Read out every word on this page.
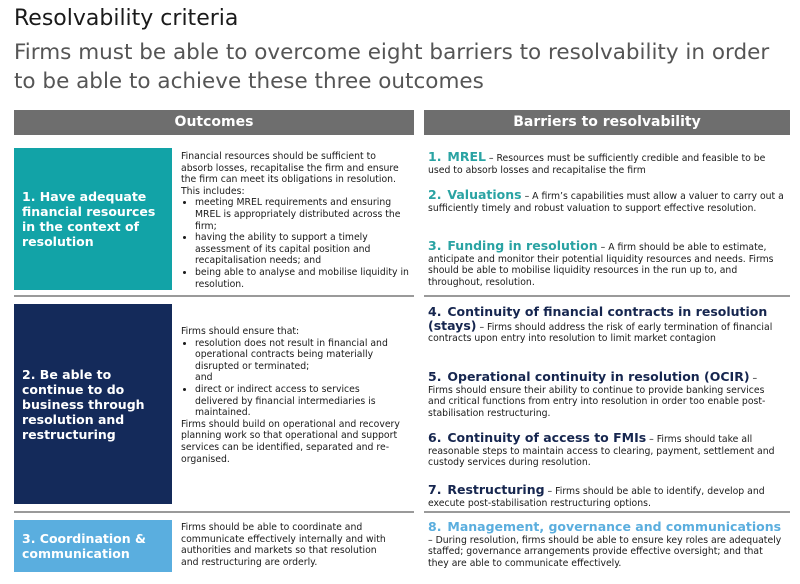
Resolvability criteria
Firms must be able to overcome eight barriers to resolvability in order to be able to achieve these three outcomes
Outcomes	Barriers to resolvability
1. Have adequate financial resources in the context of resolution

Financial resources should be sufficient to absorb losses, recapitalise the firm and ensure the firm can meet its obligations in resolution. This includes:

• meeting MREL requirements and ensuring MREL is appropriately distributed across the firm;
• having the ability to support a timely assessment of its capital position and recapitalisation needs; and
• being able to analyse and mobilise liquidity in resolution.
2. Be able to continue to do business through resolution and restructuring

Firms should ensure that:

• resolution does not result in financial and operational contracts being materially disrupted or terminated;
and
• direct or indirect access to services delivered by financial intermediaries is maintained.

Firms should build on operational and recovery planning work so that operational and support services can be identified, separated and re-organised.

3. Coordination & communication

Firms should be able to coordinate and communicate effectively internally and with authorities and markets so that resolution and restructuring are orderly.

1. MREL – Resources must be sufficiently credible and feasible to be used to absorb losses and recapitalise the firm
2. Valuations – A firm’s capabilities must allow a valuer to carry out a sufficiently timely and robust valuation to support effective resolution.
3. Funding in resolution – A firm should be able to estimate, anticipate and monitor their potential liquidity resources and needs. Firms should be able to mobilise liquidity resources in the run up to, and throughout, resolution.
4. Continuity of financial contracts in resolution (stays) – Firms should address the risk of early termination of financial contracts upon entry into resolution to limit market contagion
5. Operational continuity in resolution (OCIR) – Firms should ensure their ability to continue to provide banking services and critical functions from entry into resolution in order too enable post-stabilisation restructuring.
6. Continuity of access to FMIs – Firms should take all reasonable steps to maintain access to clearing, payment, settlement and custody services during resolution.
7. Restructuring – Firms should be able to identify, develop and execute post-stabilisation restructuring options.
8. Management, governance and communications – During resolution, firms should be able to ensure key roles are adequately staffed; governance arrangements provide effective oversight; and that they are able to communicate effectively.
